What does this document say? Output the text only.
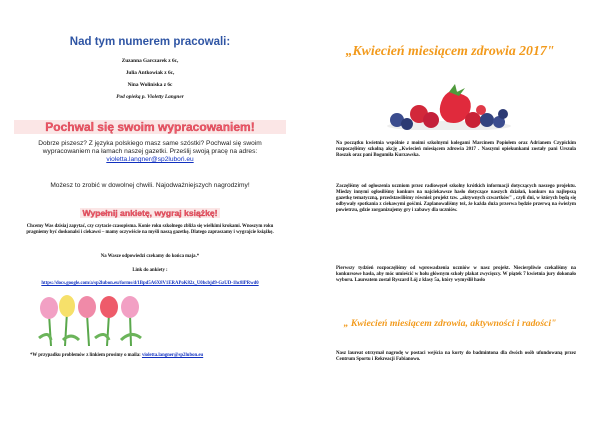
Nad tym numerem pracowali:
Zuzanna Garczarek z 6c,
Julia Antkowiak z 6c,
Nina Woliniska z 6c
Pod opieką p. Violetty Langner
Pochwal się swoim wypracowaniem!
Dobrze piszesz? Z języka polskiego masz same szóstki? Pochwal się swoim wypracowaniem na łamach naszej gazetki. Prześlij swoją pracę na adres: violetta.langner@sp2luboń.eu
Możesz to zrobić w dowolnej chwili. Najodważniejszych nagrodzimy!
Wypełnij ankietę, wygraj książkę!
Chcemy Was dzisiaj zapytać, czy czytacie czasopisma. Konie roku szkolnego zbliża się wielkimi krokami. Wnoszym roku pragniemy być doskonalsi i ciekawsi – mamy oczywiście na myśli naszą gazetkę. Dlatego zapraszamy i wygrajcie książkę.
Na Wasze odpowiedzi czekamy do końca maja.*
Link do ankiety :
https://docs.google.com/a/sp2lubon.eu/forms/d/1Bpd5A6X8V1ERAPoK82z_U0bcbjd9-GzUD-1hc8lPRwd0
*W przypadku problemów z linkiem prosimy o maila: violetta.langner@sp2lubon.eu
„Kwiecień miesiącem zdrowia 2017"
Na początku kwietnia wspólnie z moimi szkolnymi kolegami Marcinem Popiołem oraz Adrianem Czypickim rozpoczęliśmy szkolną akcję „Kwiecień miesiącem zdrowia 2017 . Naszymi opiekunkami zostały pani Urszula Roszak oraz pani Bogumiła Kurzawska.
Zaczęliśmy od ogłoszenia uczniom przez radiowęzeł szkolny krótkich informacji dotyczących naszego projektu. Miedzy innymi ogłosiliśmy konkurs na najciekawsze hasło dotyczące naszych działań, konkurs na najlepszą gazetkę tematyczną, przedstawiliśmy również projekt tzw. „aktywnych czwartków" , czyli dni, w których będą się odbywały spotkania z ciekawymi gośćmi. Zaplanowaliśmy też, że każda duża przerwa będzie przerwą na świeżym powietrzu, gdzie zorganizujemy gry i zabawy dla uczniów.
Pierwszy tydzień rozpoczęliśmy od wprowadzenia uczniów w nasz projekt. Niecierpliwie czekaliśmy na konkursowe hasła, aby móc umieścić w holu głównym szkoły plakat zwycięzcy. W piątek 7 kwietnia jury dokonało wyboru. Laureatem został Ryszard Łój z klasy 5a, który wymyślił hasło
„ Kwiecień miesiącem zdrowia, aktywności i radości"
Nasz laureat otrzymał nagrodę w postaci wejścia na korty do badmintona dla dwóch osób ufundowaną przez Centrum Sportu i Rekreacji Fabianowo.
